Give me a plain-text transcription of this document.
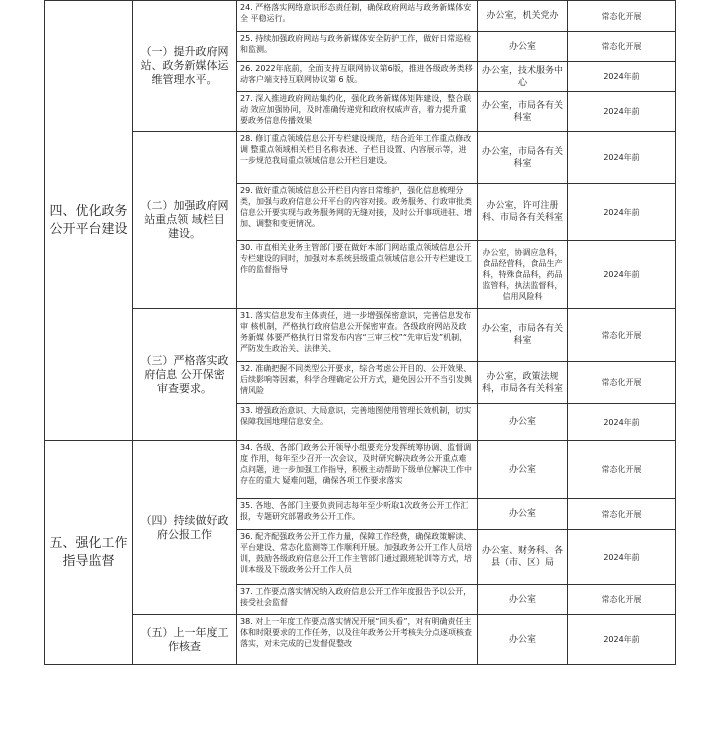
四、优化政务公开平台建设	（一）提升政府网站、政务新媒体运维管理水平。	24. 严格落实网络意识形态责任制，确保政府网站与政务新媒体安全 平稳运行。	办公室，机关党办	常态化开展

		25. 持续加强政府网站与政务新媒体安全防护工作，做好日常巡检和监测。	办公室	常态化开展

		26. 2022年底前，全面支持互联网协议第6版，推进各级政务类移动客户端支持互联网协议第 6 版。	办公室，技术服务中心	2024年前

		27. 深入推进政府网站集约化，强化政务新媒体矩阵建设，整合联动 效应加强协同，及时准确传递党和政府权威声音，着力提升重要政务信息传播效果	办公室，市局各有关科室	2024年前
	（二）加强政府网站重点领 域栏目建设。	28. 修订重点领域信息公开专栏建设规范，结合近年工作重点修改调 整重点领域相关栏目名称表述、子栏目设置、内容展示等，进一步规范我局重点领域信息公开栏目建设。	办公室，市局各有关科室	2024年前

		29. 做好重点领域信息公开栏目内容日常维护，强化信息梳理分类，加强与政府信息公开平台的内容对接。政务服务、行政审批类信息公开要实现与政务服务网的无缝对接，及时公开事项进驻、增加、调整和变更情况。	办公室，许可注册科、市局各有关科室	2024年前

		30. 市直相关业务主管部门要在做好本部门网站重点领域信息公开专栏建设的同时，加强对本系统县级重点领域信息公开专栏建设工作的监督指导	办公室，协调应急科，食品经营科，食品生产科，特殊食品科，药品监管科，执法监督科，信用风险科	2024年前
	（三）严格落实政府信息 公开保密审查要求。	31. 落实信息发布主体责任，进一步增强保密意识，完善信息发布审 核机制，严格执行政府信息公开保密审查。各级政府网站及政务新媒 体要严格执行日常发布内容“三审三校”“先审后发”机制，严防发生政治关、法律关、	办公室，市局各有关科室	常态化开展

		32. 准确把握不同类型公开要求，综合考虑公开目的、公开效果、后续影响等因素，科学合理确定公开方式，避免因公开不当引发舆情风险	办公室，政策法规科，市局各有关科室	常态化开展

		33. 增强政治意识、大局意识，完善地图使用管理长效机制，切实保障我国地理信息安全。	办公室	2024年前
五、强化工作指导监督	（四）持续做好政府公报工作	34. 各级、各部门政务公开领导小组要充分发挥统筹协调、监督调度 作用，每年至少召开一次会议，及时研究解决政务公开重点难点问题，进一步加强工作指导，积极主动帮助下级单位解决工作中存在的重大 疑难问题，确保各项工作要求落实	办公室	常态化开展

		35. 各地、各部门主要负责同志每年至少听取1次政务公开工作汇报，专题研究部署政务公开工作。	办公室	常态化开展

		36. 配齐配强政务公开工作力量，保障工作经费，确保政策解读、平台建设、常态化监测等工作顺利开展。加强政务公开工作人员培训，鼓励各级政府信息公开工作主管部门通过跟班轮训等方式，培训本级及下级政务公开工作人员	办公室、财务科、各县（市、区）局	2024年前

		37. 工作要点落实情况纳入政府信息公开工作年度报告予以公开，接受社会监督	办公室	常态化开展
	（五）上一年度工作核查	38. 对上一年度工作要点落实情况开展“回头看”，对有明确责任主体和时限要求的工作任务，以及往年政务公开考核失分点逐项核查落实，对未完成的已发督促整改	办公室	2024年前
